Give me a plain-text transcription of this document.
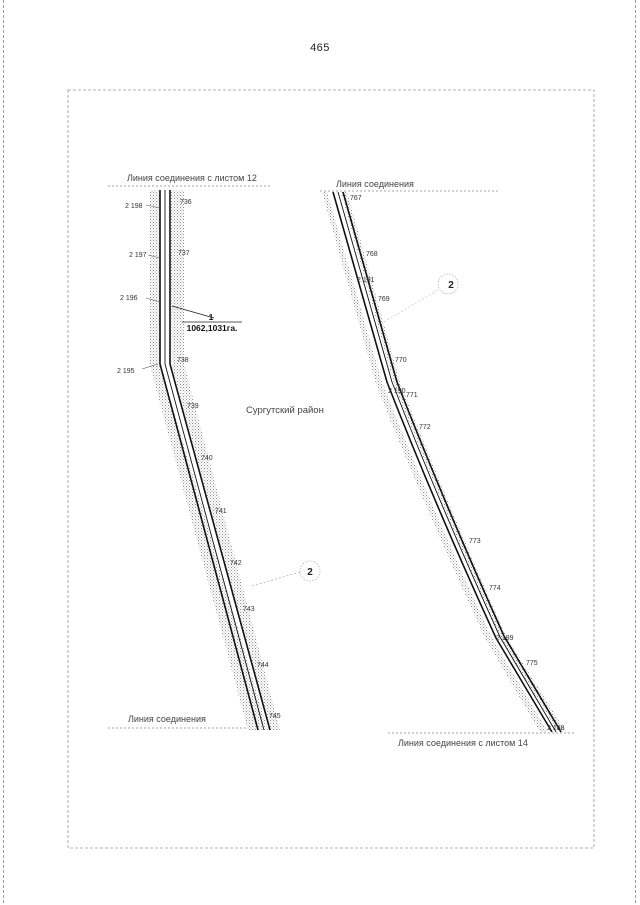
465
Линия соединения с листом 12
Линия соединения
Линия соединения
Линия соединения с листом 14
Сургутский район
1
1062,1031га.
2
2
2 198
2 197
2 196
2 195
736
737
738
739
740
741
742
743
744
745
767
768
769
770
771
772
773
774
775
2 191
2 190
2 189
2 188
